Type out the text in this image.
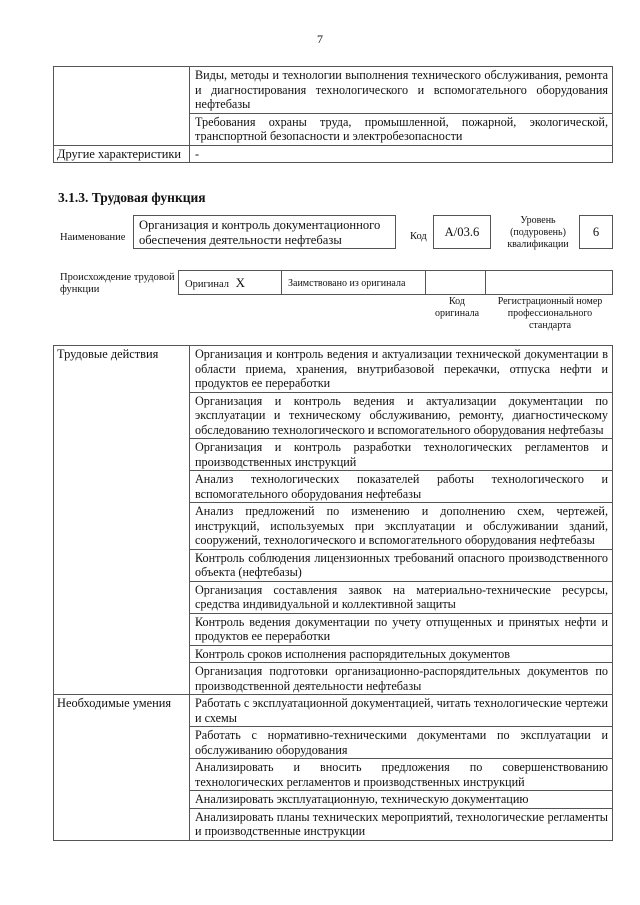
7
	Виды, методы и технологии выполнения технического обслуживания, ремонта и диагностирования технологического и вспомогательного оборудования нефтебазы
	Требования охраны труда, промышленной, пожарной, экологической, транспортной безопасности и электробезопасности
Другие характеристики	-
3.1.3. Трудовая функция
Наименование
Организация и контроль документационного обеспечения деятельности нефтебазы	Код	A/03.6
Уровень (подуровень) квалификации
6
Происхождение трудовой функции	Оригинал X	Заимствовано из оригинала
Код оригинала
Регистрационный номер профессионального стандарта
Трудовые действия	Организация и контроль ведения и актуализации технической документации в области приема, хранения, внутрибазовой перекачки, отпуска нефти и продуктов ее переработки
	Организация и контроль ведения и актуализации документации по эксплуатации и техническому обслуживанию, ремонту, диагностическому обследованию технологического и вспомогательного оборудования нефтебазы
	Организация и контроль разработки технологических регламентов и производственных инструкций
	Анализ технологических показателей работы технологического и вспомогательного оборудования нефтебазы
	Анализ предложений по изменению и дополнению схем, чертежей, инструкций, используемых при эксплуатации и обслуживании зданий, сооружений, технологического и вспомогательного оборудования нефтебазы
	Контроль соблюдения лицензионных требований опасного производственного объекта (нефтебазы)
	Организация составления заявок на материально-технические ресурсы, средства индивидуальной и коллективной защиты
	Контроль ведения документации по учету отпущенных и принятых нефти и продуктов ее переработки
	Контроль сроков исполнения распорядительных документов
	Организация подготовки организационно-распорядительных документов по производственной деятельности нефтебазы
Необходимые умения	Работать с эксплуатационной документацией, читать технологические чертежи и схемы
	Работать с нормативно-техническими документами по эксплуатации и обслуживанию оборудования
	Анализировать и вносить предложения по совершенствованию технологических регламентов и производственных инструкций
	Анализировать эксплуатационную, техническую документацию
	Анализировать планы технических мероприятий, технологические регламенты и производственные инструкции
